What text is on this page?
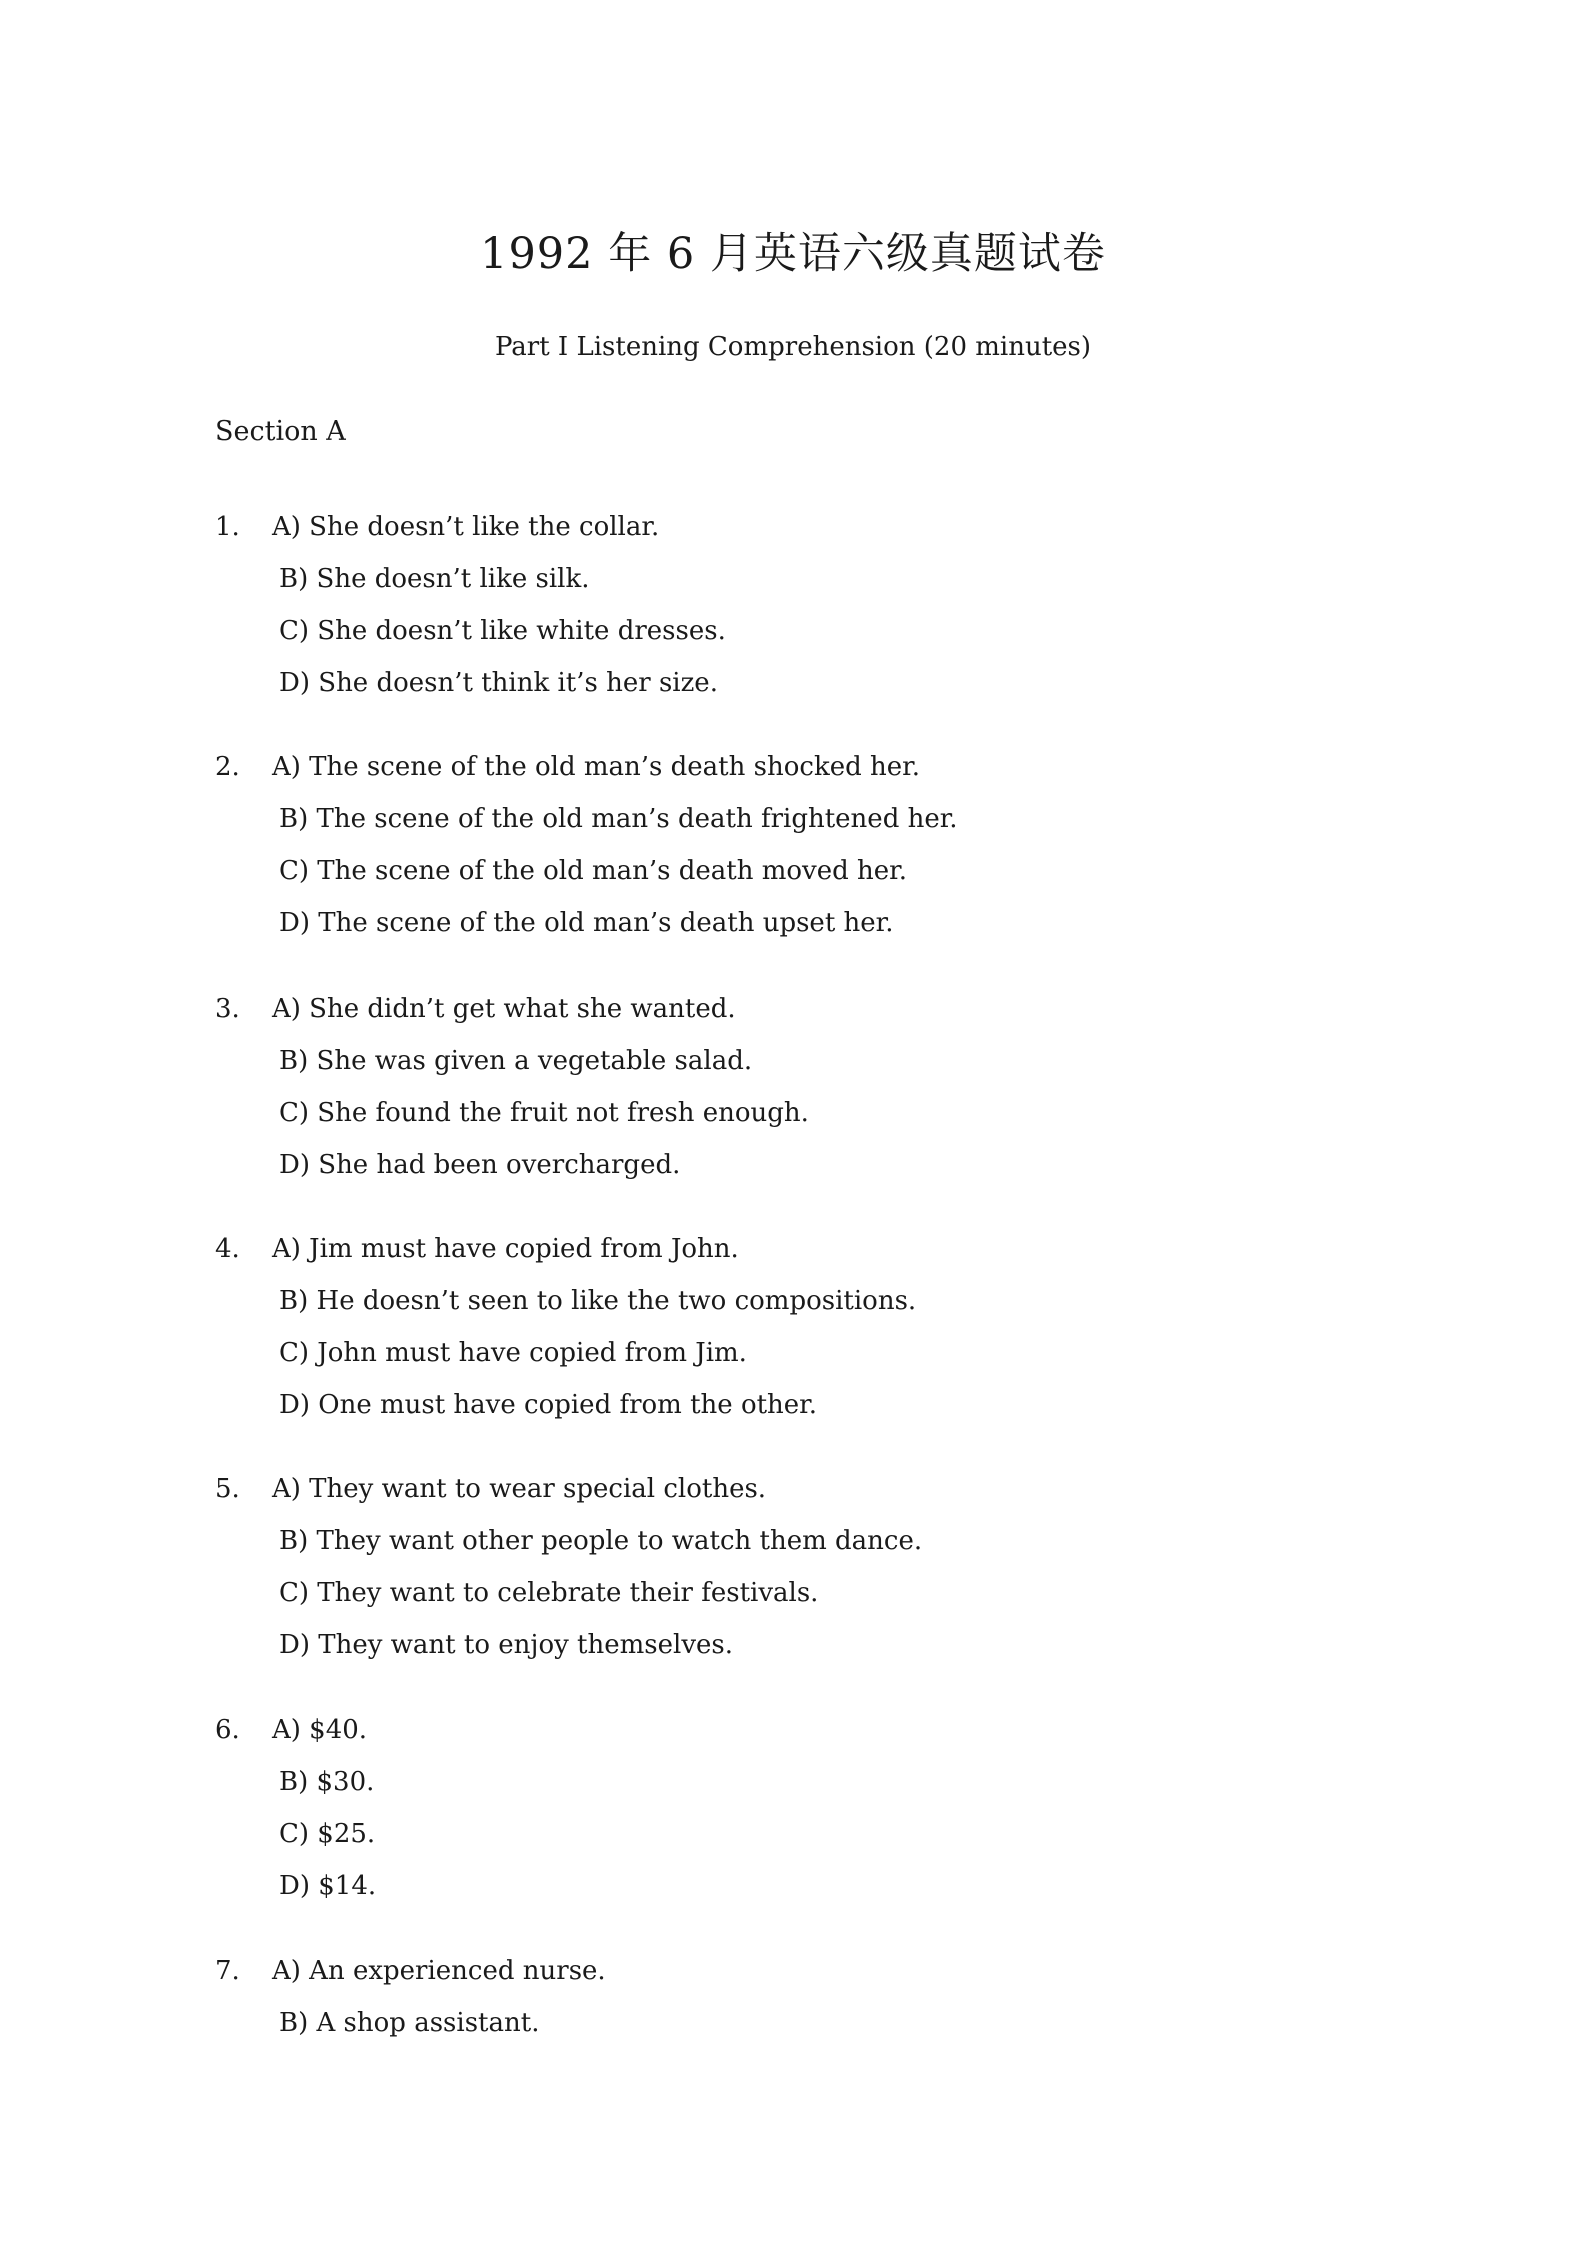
1992 年 6 月英语六级真题试卷
Part I Listening Comprehension (20 minutes)
Section A
1. A) She doesn’t like the collar.
B) She doesn’t like silk.
C) She doesn’t like white dresses.
D) She doesn’t think it’s her size.
2. A) The scene of the old man’s death shocked her.
B) The scene of the old man’s death frightened her.
C) The scene of the old man’s death moved her.
D) The scene of the old man’s death upset her.
3. A) She didn’t get what she wanted.
B) She was given a vegetable salad.
C) She found the fruit not fresh enough.
D) She had been overcharged.
4. A) Jim must have copied from John.
B) He doesn’t seen to like the two compositions.
C) John must have copied from Jim.
D) One must have copied from the other.
5. A) They want to wear special clothes.
B) They want other people to watch them dance.
C) They want to celebrate their festivals.
D) They want to enjoy themselves.
6. A) $40.
B) $30.
C) $25.
D) $14.
7. A) An experienced nurse.
B) A shop assistant.
